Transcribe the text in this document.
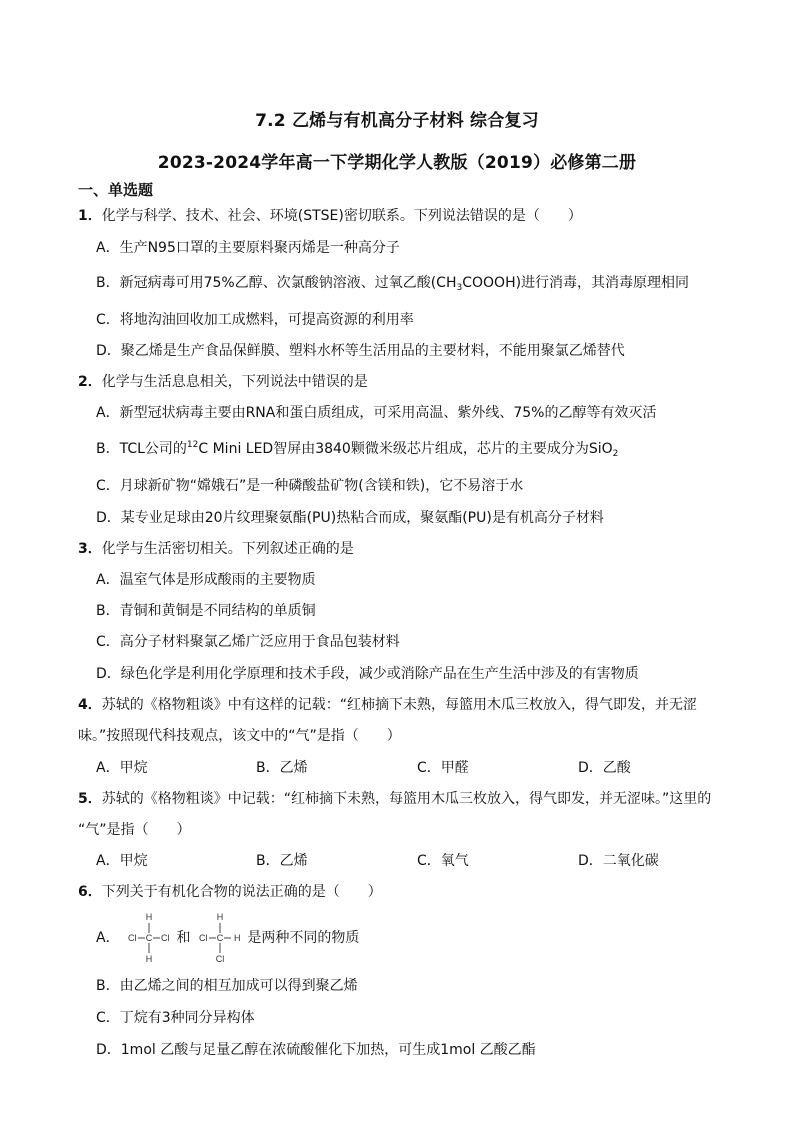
7.2 乙烯与有机高分子材料 综合复习
2023-2024学年高一下学期化学人教版（2019）必修第二册
一、单选题
1．化学与科学、技术、社会、环境(STSE)密切联系。下列说法错误的是（　　）
A．生产N95口罩的主要原料聚丙烯是一种高分子
B．新冠病毒可用75%乙醇、次氯酸钠溶液、过氧乙酸$(CH_3COOOH)$进行消毒，其消毒原理相同
C．将地沟油回收加工成燃料，可提高资源的利用率
D．聚乙烯是生产食品保鲜膜、塑料水杯等生活用品的主要材料，不能用聚氯乙烯替代
2．化学与生活息息相关，下列说法中错误的是
A．新型冠状病毒主要由RNA和蛋白质组成，可采用高温、紫外线、75%的乙醇等有效灭活
B．TCL公司的$^{12}$C Mini LED智屏由3840颗微米级芯片组成，芯片的主要成分为SiO$_2$
C．月球新矿物“嫦娥石”是一种磷酸盐矿物(含镁和铁)，它不易溶于水
D．某专业足球由20片纹理聚氨酯(PU)热粘合而成，聚氨酯(PU)是有机高分子材料
3．化学与生活密切相关。下列叙述正确的是
A．温室气体是形成酸雨的主要物质
B．青铜和黄铜是不同结构的单质铜
C．高分子材料聚氯乙烯广泛应用于食品包装材料
D．绿色化学是利用化学原理和技术手段，减少或消除产品在生产生活中涉及的有害物质
4．苏轼的《格物粗谈》中有这样的记载：“红柿摘下未熟，每篮用木瓜三枚放入，得气即发，并无涩
味。”按照现代科技观点，该文中的“气”是指（　　）
A．甲烷	B．乙烯	C．甲醛	D．乙酸
5．苏轼的《格物粗谈》中记载：“红柿摘下未熟，每篮用木瓜三枚放入，得气即发，并无涩味。”这里的
“气”是指（　　）
A．甲烷	B．乙烯	C．氧气	D．二氧化碳
6．下列关于有机化合物的说法正确的是（　　）
A．
H
Cl C Cl
H
和
H
Cl C H
Cl
是两种不同的物质
B．由乙烯之间的相互加成可以得到聚乙烯
C．丁烷有3种同分异构体
D．1mol 乙酸与足量乙醇在浓硫酸催化下加热，可生成1mol 乙酸乙酯
